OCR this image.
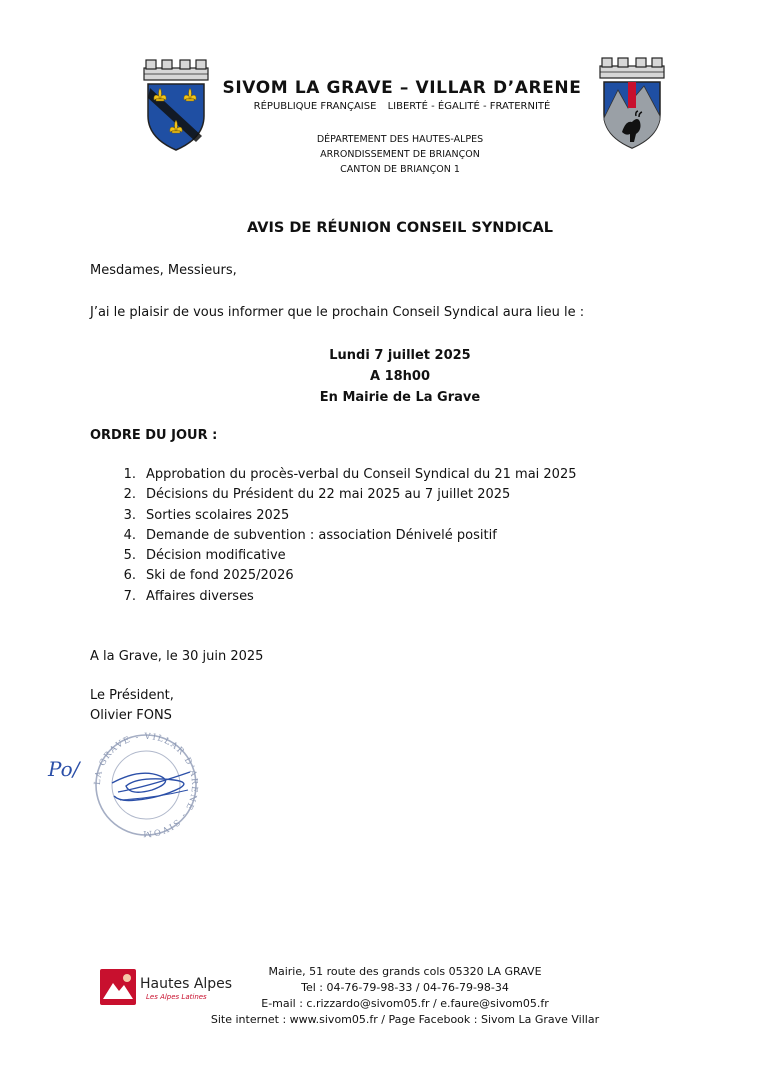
SIVOM LA GRAVE – VILLAR D’ARENE
RÉPUBLIQUE FRANÇAISE LIBERTÉ - ÉGALITÉ - FRATERNITÉ
DÉPARTEMENT DES HAUTES-ALPES
ARRONDISSEMENT DE BRIANÇON
CANTON DE BRIANÇON 1
AVIS DE RÉUNION CONSEIL SYNDICAL
Mesdames, Messieurs,
J’ai le plaisir de vous informer que le prochain Conseil Syndical aura lieu le :
Lundi 7 juillet 2025
A 18h00
En Mairie de La Grave
ORDRE DU JOUR :
1. Approbation du procès-verbal du Conseil Syndical du 21 mai 2025
2. Décisions du Président du 22 mai 2025 au 7 juillet 2025
3. Sorties scolaires 2025
4. Demande de subvention : association Dénivelé positif
5. Décision modificative
6. Ski de fond 2025/2026
7. Affaires diverses
A la Grave, le 30 juin 2025
Le Président,
Olivier FONS
Po/
LA GRAVE - VILLAR D’ARENE - SIVOM
Hautes Alpes
Les Alpes Latines
Mairie, 51 route des grands cols 05320 LA GRAVE
Tel : 04-76-79-98-33 / 04-76-79-98-34
E-mail : c.rizzardo@sivom05.fr / e.faure@sivom05.fr
Site internet : www.sivom05.fr / Page Facebook : Sivom La Grave Villar
